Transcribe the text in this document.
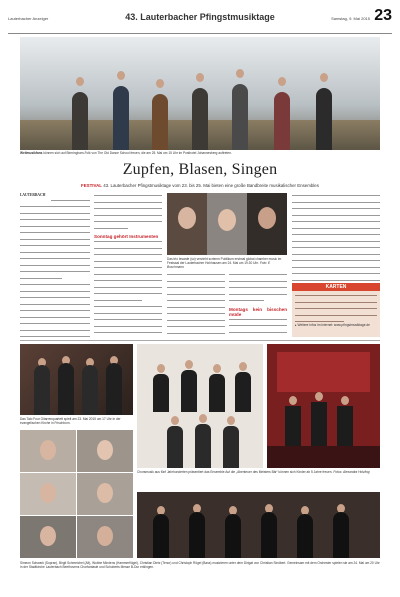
Lauterbacher Anzeiger	43. Lauterbacher Pfingstmusiktage	Samstag, 9. Mai 2015 23
Weltmusikfans können sich auf Birmingham-Folk von The Old Dance School freuen, die am 25. Mai um 15 Uhr im Posthotel Johannesberg auftreten.
Zupfen, Blasen, Singen
FESTIVAL 43. Lauterbacher Pfingstmusiktage vom 23. bis 25. Mai bieten eine große Bandbreite musikalischer Ensembles
LAUTERBACH
Sonntag gehört Instrumenten
Das trio lesarde (so) verzieht scrienm Publikum erstmal global chamber music im Festsaal der Lauterbacher Hohhausen am 24. Mai um 19.30 Uhr. Foto: E Boschmann
Montags kein bisschen müde
KARTEN
▸ Weitere Infos im Internet: www.pfingstmusiktage.de
Das Talo Four Gitarrenquartett spielt am 23. Mai 2015 um 17 Uhr in der evangelischen Kirche in Frischborn.
Chorsmusik aus fünf Jahrhunderten präsentiert das Ensemble Auf die „Abenteuer des Meisters Bär“ können sich Kinder ab 5 Jahre freuen. Fotos: Alexandra Holzling
Simeon Schwark (Sopran), Birgit Schmeichel (Alt), Wobbe Mindens (Hammerflügel), Christian Dietz (Tenor) und Christoph Rögel (Bass) musizieren unter dem Dirigat von Christian Sindbert. Gemeinsam mit dem Orchester spielen sie am 24. Mai um 20 Uhr in der Stadtkirche Lauterbach Beethovens Chorfantasie und Schuberts Messe B-Dur erklingen.
